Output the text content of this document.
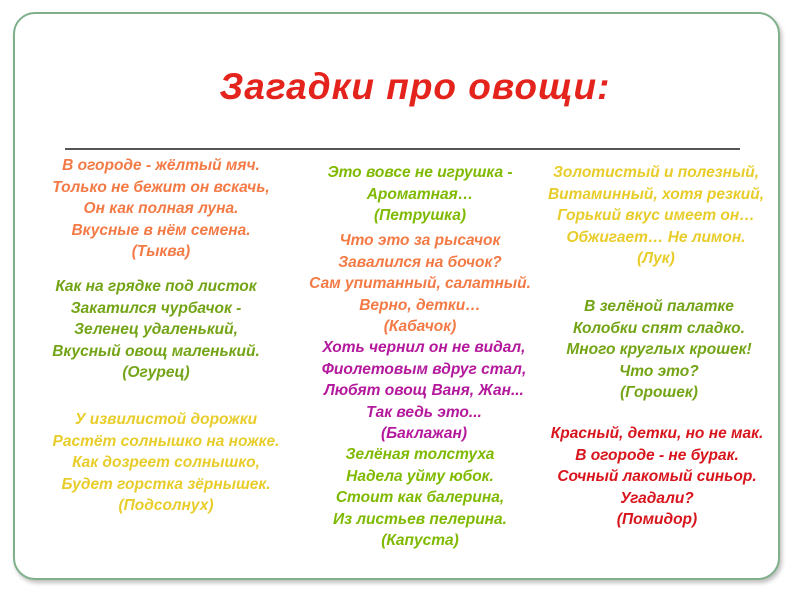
Загадки про овощи:
В огороде - жёлтый мяч.
Только не бежит он вскачь,
Он как полная луна.
Вкусные в нём семена.
(Тыква)
Как на грядке под листок
Закатился чурбачок -
Зеленец удаленький,
Вкусный овощ маленький.
(Огурец)
У извилистой дорожки
Растёт солнышко на ножке.
Как дозреет солнышко,
Будет горстка зёрнышек.
(Подсолнух)
Это вовсе не игрушка -
Ароматная…
(Петрушка)
Что это за рысачок
Завалился на бочок?
Сам упитанный, салатный.
Верно, детки…
(Кабачок)
Хоть чернил он не видал,
Фиолетовым вдруг стал,
Любят овощ Ваня, Жан...
Так ведь это...
(Баклажан)
Зелёная толстуха
Надела уйму юбок.
Стоит как балерина,
Из листьев пелерина.
(Капуста)
Золотистый и полезный,
Витаминный, хотя резкий,
Горький вкус имеет он…
Обжигает… Не лимон.
(Лук)
В зелёной палатке
Колобки спят сладко.
Много круглых крошек!
Что это?
(Горошек)
Красный, детки, но не мак.
В огороде - не бурак.
Сочный лакомый синьор.
Угадали?
(Помидор)
